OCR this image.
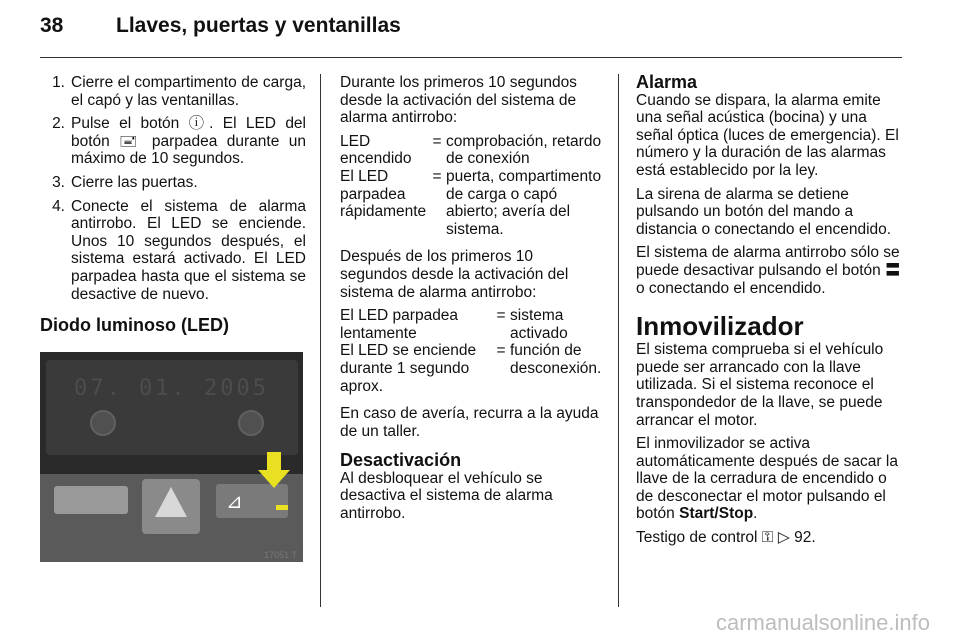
38	Llaves, puertas y ventanillas
1. Cierre el compartimento de carga, el capó y las ventanillas.
2. Pulse el botón ⓘ. El LED del botón 🖃 parpadea durante un máximo de 10 segundos.
3. Cierre las puertas.
4. Conecte el sistema de alarma antirrobo. El LED se enciende. Unos 10 segundos después, el sistema estará activado. El LED parpadea hasta que el sistema se desactive de nuevo.
Diodo luminoso (LED)
07. 01. 2005
⊿
17051 T

Durante los primeros 10 segundos desde la activación del sistema de alarma antirrobo:

LED encendido	=	comprobación, retardo de conexión
El LED parpadea rápidamente	=	puerta, compartimento de carga o capó abierto; avería del sistema.

Después de los primeros 10 segundos desde la activación del sistema de alarma antirrobo:

El LED parpadea lentamente	=	sistema activado
El LED se enciende durante 1 segundo aprox.	=	función de desconexión.

En caso de avería, recurra a la ayuda de un taller.

Desactivación

Al desbloquear el vehículo se desactiva el sistema de alarma antirrobo.

Alarma

Cuando se dispara, la alarma emite una señal acústica (bocina) y una señal óptica (luces de emergencia). El número y la duración de las alarmas está establecido por la ley.

La sirena de alarma se detiene pulsando un botón del mando a distancia o conectando el encendido.

El sistema de alarma antirrobo sólo se puede desactivar pulsando el botón 〓 o conectando el encendido.

Inmovilizador

El sistema comprueba si el vehículo puede ser arrancado con la llave utilizada. Si el sistema reconoce el transpondedor de la llave, se puede arrancar el motor.

El inmovilizador se activa automáticamente después de sacar la llave de la cerradura de encendido o de desconectar el motor pulsando el botón Start/Stop.

Testigo de control ⚿ ▷ 92.

carmanualsonline.info
